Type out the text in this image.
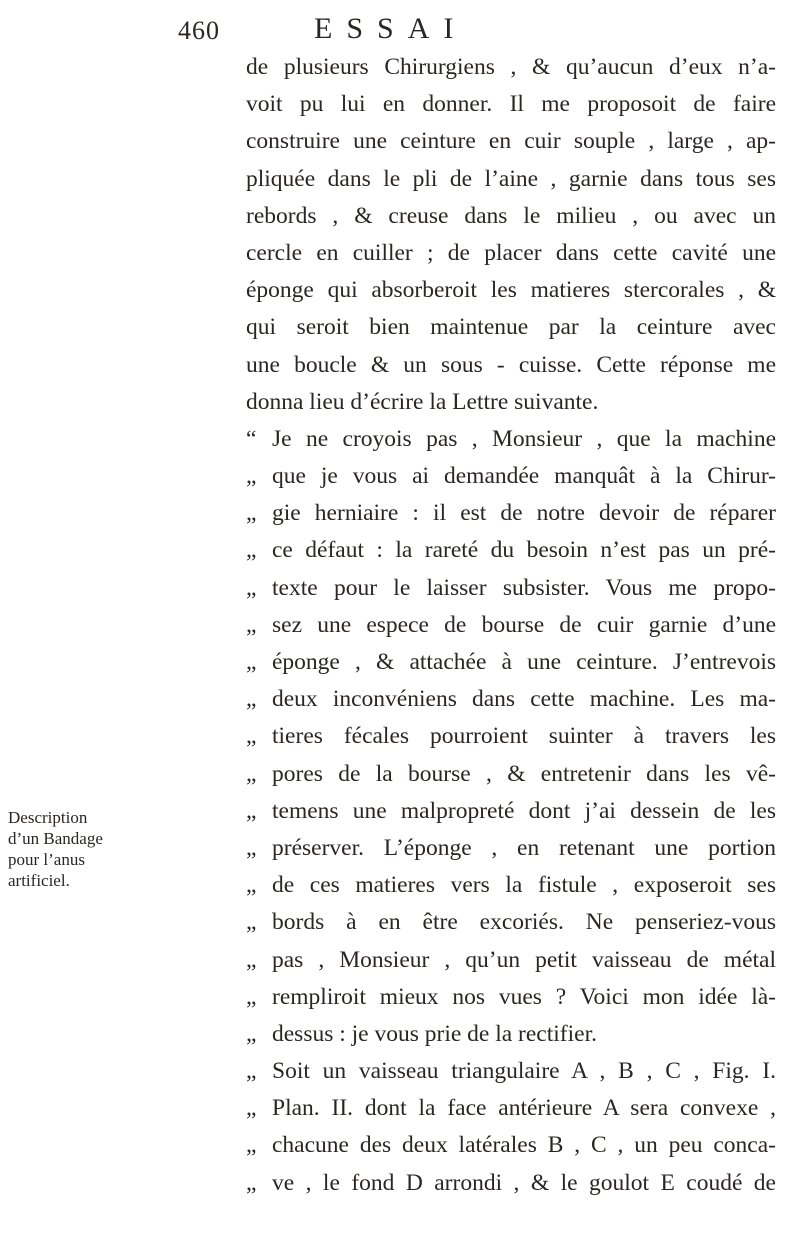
460	ESSAI
de plusieurs Chirurgiens , & qu’aucun d’eux n’a-
voit pu lui en donner. Il me proposoit de faire
construire une ceinture en cuir souple , large , ap-
pliquée dans le pli de l’aine , garnie dans tous ses
rebords , & creuse dans le milieu , ou avec un
cercle en cuiller ; de placer dans cette cavité une
éponge qui absorberoit les matieres stercorales , &
qui seroit bien maintenue par la ceinture avec
une boucle & un sous - cuisse. Cette réponse me
donna lieu d’écrire la Lettre suivante.
“ Je ne croyois pas , Monsieur , que la machine
„ que je vous ai demandée manquât à la Chirur-
„ gie herniaire : il est de notre devoir de réparer
„ ce défaut : la rareté du besoin n’est pas un pré-
„ texte pour le laisser subsister. Vous me propo-
„ sez une espece de bourse de cuir garnie d’une
„ éponge , & attachée à une ceinture. J’entrevois
„ deux inconvéniens dans cette machine. Les ma-
„ tieres fécales pourroient suinter à travers les
„ pores de la bourse , & entretenir dans les vê-
„ temens une malpropreté dont j’ai dessein de les
„ préserver. L’éponge , en retenant une portion
„ de ces matieres vers la fistule , exposeroit ses
„ bords à en être excoriés. Ne penseriez-vous
„ pas , Monsieur , qu’un petit vaisseau de métal
„ rempliroit mieux nos vues ? Voici mon idée là-
„ dessus : je vous prie de la rectifier.
„ Soit un vaisseau triangulaire A , B , C , Fig. I.
„ Plan. II. dont la face antérieure A sera convexe ,
„ chacune des deux latérales B , C , un peu conca-
„ ve , le fond D arrondi , & le goulot E coudé de
Description
d’un Bandage
pour l’anus
artificiel.
